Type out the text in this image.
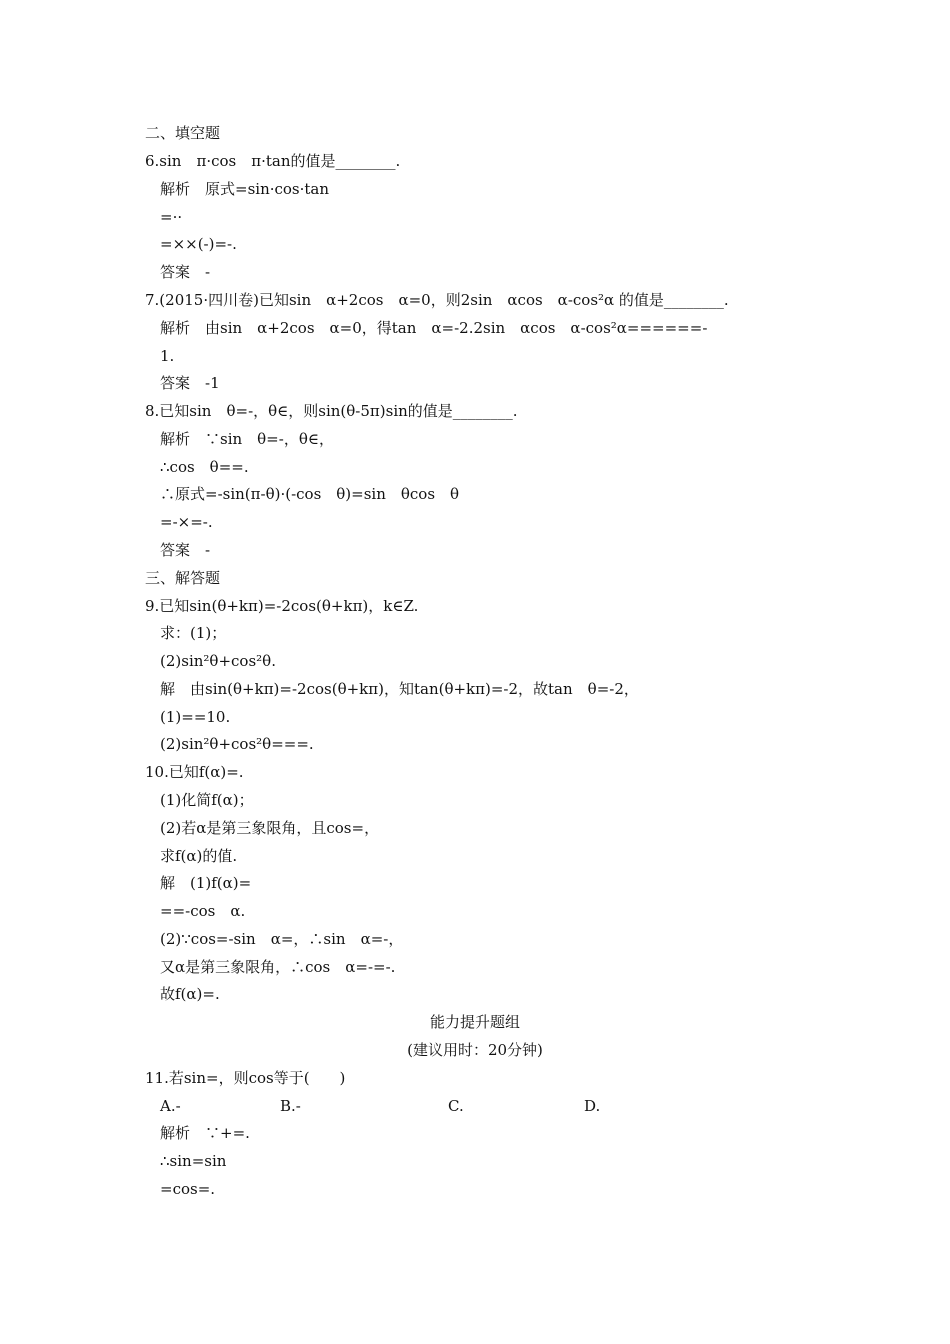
二、填空题
6.sin　π·cos　π·tan的值是________.
解析　原式=sin·cos·tan
=··
=××(-)=-.
答案　-
7.(2015·四川卷)已知sin　α+2cos　α=0，则2sin　αcos　α-cos²α 的值是________.
解析　由sin　α+2cos　α=0，得tan　α=-2.2sin　αcos　α-cos²α======-
1.
答案　-1
8.已知sin　θ=-，θ∈，则sin(θ-5π)sin的值是________.
解析　∵sin　θ=-，θ∈，
∴cos　θ==.
∴原式=-sin(π-θ)·(-cos　θ)=sin　θcos　θ
=-×=-.
答案　-
三、解答题
9.已知sin(θ+kπ)=-2cos(θ+kπ)，k∈Z.
求：(1)；
(2)sin²θ+cos²θ.
解　由sin(θ+kπ)=-2cos(θ+kπ)，知tan(θ+kπ)=-2，故tan　θ=-2，
(1)==10.
(2)sin²θ+cos²θ===.
10.已知f(α)=.
(1)化简f(α)；
(2)若α是第三象限角，且cos=，
求f(α)的值.
解　(1)f(α)=
==-cos　α.
(2)∵cos=-sin　α=，∴sin　α=-，
又α是第三象限角，∴cos　α=-=-.
故f(α)=.
能力提升题组
(建议用时：20分钟)
11.若sin=，则cos等于(　　)
A.-	B.-	C.	D.
解析　∵+=.
∴sin=sin
=cos=.
